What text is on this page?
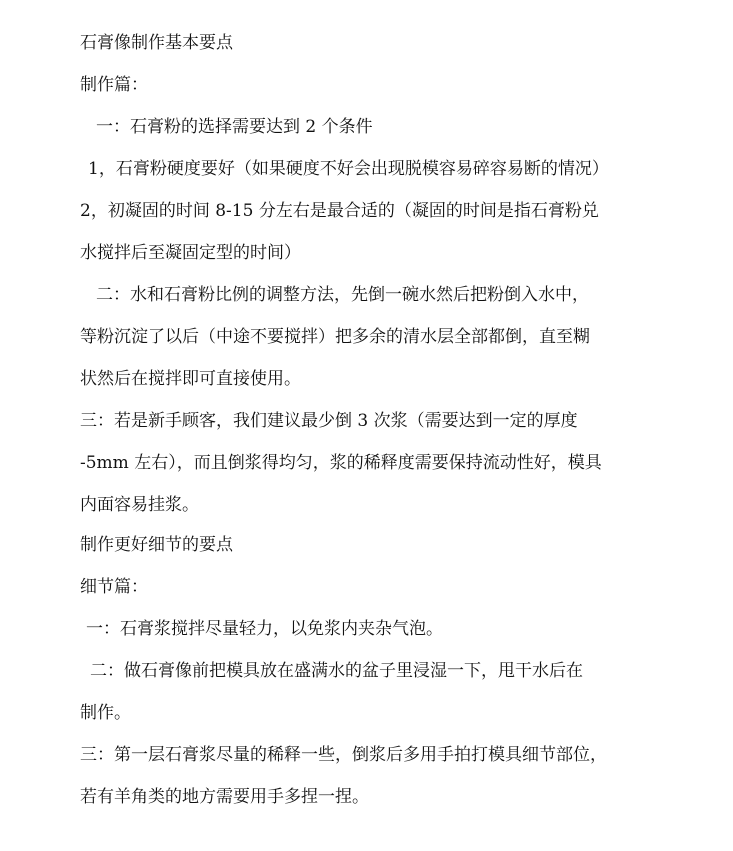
石膏像制作基本要点
制作篇：
一：石膏粉的选择需要达到 2 个条件
1，石膏粉硬度要好（如果硬度不好会出现脱模容易碎容易断的情况）
2，初凝固的时间 8-15 分左右是最合适的（凝固的时间是指石膏粉兑
水搅拌后至凝固定型的时间）
二：水和石膏粉比例的调整方法，先倒一碗水然后把粉倒入水中，
等粉沉淀了以后（中途不要搅拌）把多余的清水层全部都倒，直至糊
状然后在搅拌即可直接使用。
三：若是新手顾客，我们建议最少倒 3 次浆（需要达到一定的厚度
-5mm 左右），而且倒浆得均匀，浆的稀释度需要保持流动性好，模具
内面容易挂浆。
制作更好细节的要点
细节篇：
一：石膏浆搅拌尽量轻力，以免浆内夹杂气泡。
二：做石膏像前把模具放在盛满水的盆子里浸湿一下，甩干水后在
制作。
三：第一层石膏浆尽量的稀释一些，倒浆后多用手拍打模具细节部位，
若有羊角类的地方需要用手多捏一捏。
